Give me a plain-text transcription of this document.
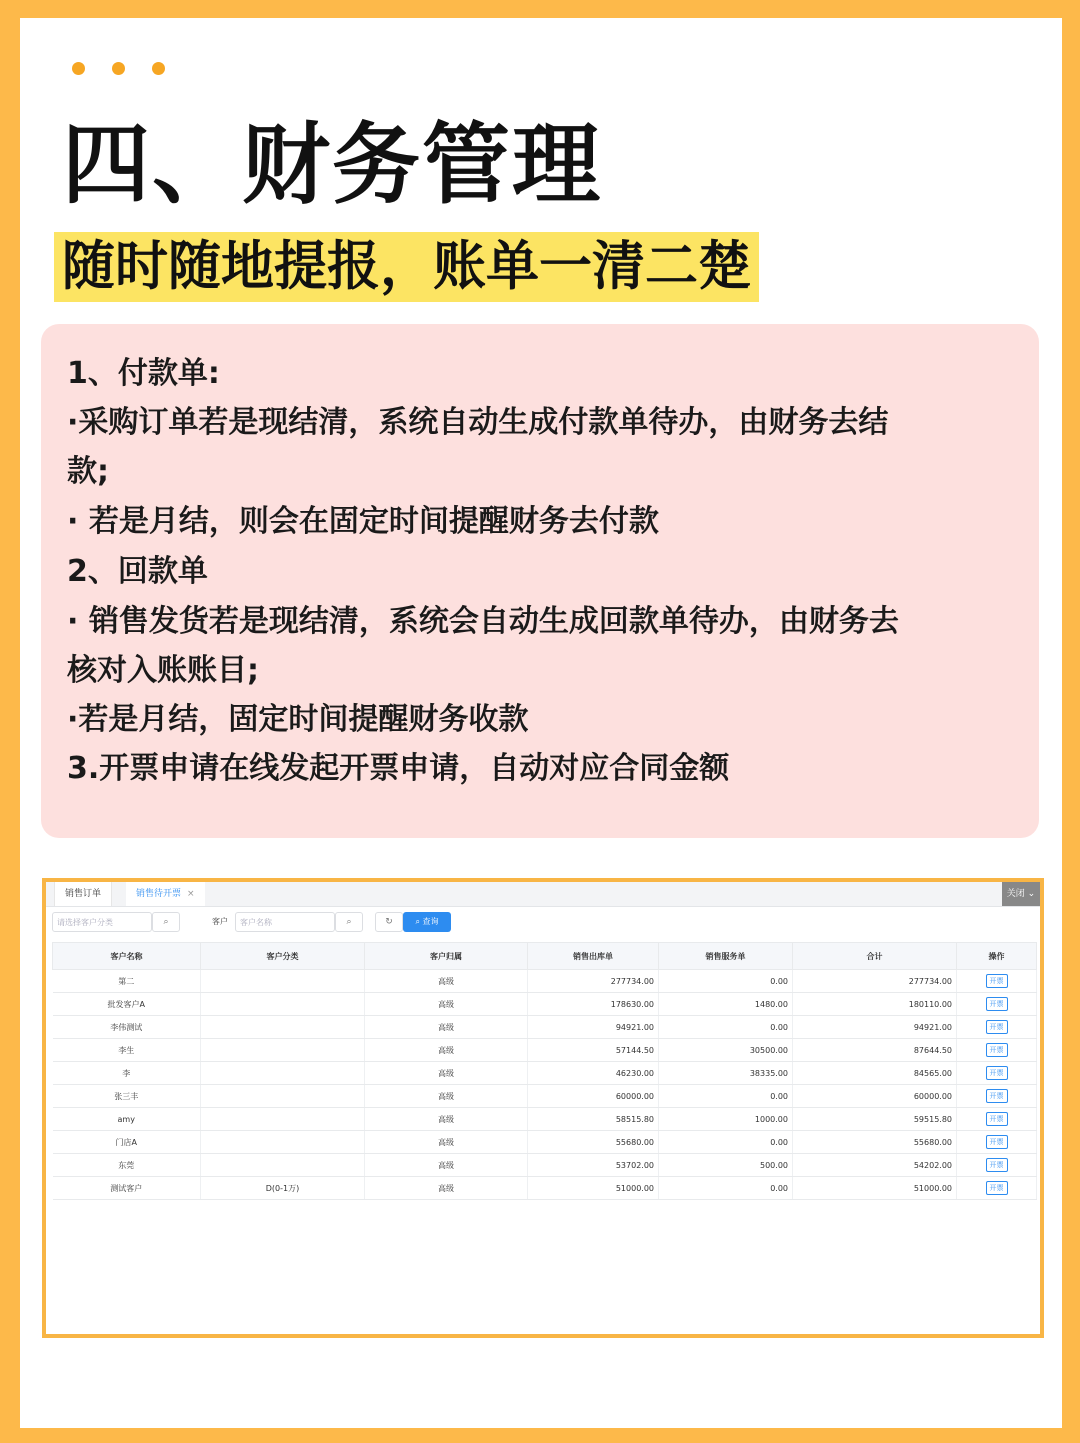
四、财务管理
随时随地提报，账单一清二楚
1、付款单:
·采购订单若是现结清，系统自动生成付款单待办，由财务去结
款;
· 若是月结，则会在固定时间提醒财务去付款
2、回款单
· 销售发货若是现结清，系统会自动生成回款单待办，由财务去
核对入账账目;
·若是月结，固定时间提醒财务收款
3.开票申请在线发起开票申请，自动对应合同金额
销售订单	销售待开票 ×	关闭 ⌄
请选择客户分类	⌕	客户	客户名称	⌕	↻	⌕ 查询
客户名称	客户分类	客户归属	销售出库单	销售服务单	合计	操作
第二		高级	277734.00	0.00	277734.00	开票
批发客户A		高级	178630.00	1480.00	180110.00	开票
李伟测试		高级	94921.00	0.00	94921.00	开票
李生		高级	57144.50	30500.00	87644.50	开票
李		高级	46230.00	38335.00	84565.00	开票
张三丰		高级	60000.00	0.00	60000.00	开票
amy		高级	58515.80	1000.00	59515.80	开票
门店A		高级	55680.00	0.00	55680.00	开票
东莞		高级	53702.00	500.00	54202.00	开票
测试客户	D(0-1万)	高级	51000.00	0.00	51000.00	开票
